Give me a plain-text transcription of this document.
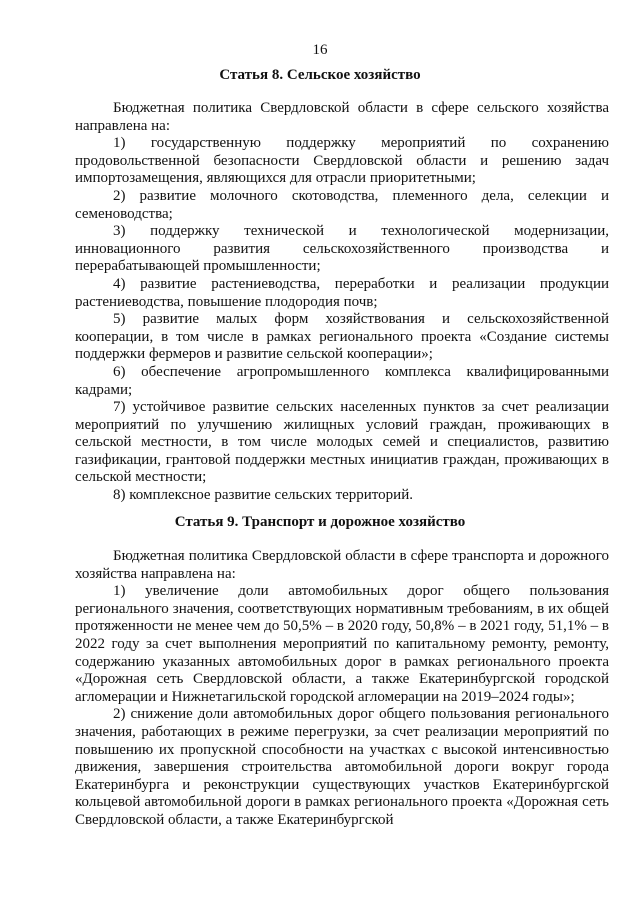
16
Статья 8. Сельское хозяйство

Бюджетная политика Свердловской области в сфере сельского хозяйства направлена на:

1) государственную поддержку мероприятий по сохранению продовольственной безопасности Свердловской области и решению задач импортозамещения, являющихся для отрасли приоритетными;

2) развитие молочного скотоводства, племенного дела, селекции и семеноводства;

3) поддержку технической и технологической модернизации, инновационного развития сельскохозяйственного производства и перерабатывающей промышленности;

4) развитие растениеводства, переработки и реализации продукции растениеводства, повышение плодородия почв;

5) развитие малых форм хозяйствования и сельскохозяйственной кооперации, в том числе в рамках регионального проекта «Создание системы поддержки фермеров и развитие сельской кооперации»;

6) обеспечение агропромышленного комплекса квалифицированными кадрами;

7) устойчивое развитие сельских населенных пунктов за счет реализации мероприятий по улучшению жилищных условий граждан, проживающих в сельской местности, в том числе молодых семей и специалистов, развитию газификации, грантовой поддержки местных инициатив граждан, проживающих в сельской местности;

8) комплексное развитие сельских территорий.

Статья 9. Транспорт и дорожное хозяйство

Бюджетная политика Свердловской области в сфере транспорта и дорожного хозяйства направлена на:

1) увеличение доли автомобильных дорог общего пользования регионального значения, соответствующих нормативным требованиям, в их общей протяженности не менее чем до 50,5% – в 2020 году, 50,8% – в 2021 году, 51,1% – в 2022 году за счет выполнения мероприятий по капитальному ремонту, ремонту, содержанию указанных автомобильных дорог в рамках регионального проекта «Дорожная сеть Свердловской области, а также Екатеринбургской городской агломерации и Нижнетагильской городской агломерации на 2019–2024 годы»;

2) снижение доли автомобильных дорог общего пользования регионального значения, работающих в режиме перегрузки, за счет реализации мероприятий по повышению их пропускной способности на участках с высокой интенсивностью движения, завершения строительства автомобильной дороги вокруг города Екатеринбурга и реконструкции существующих участков Екатеринбургской кольцевой автомобильной дороги в рамках регионального проекта «Дорожная сеть Свердловской области, а также Екатеринбургской
